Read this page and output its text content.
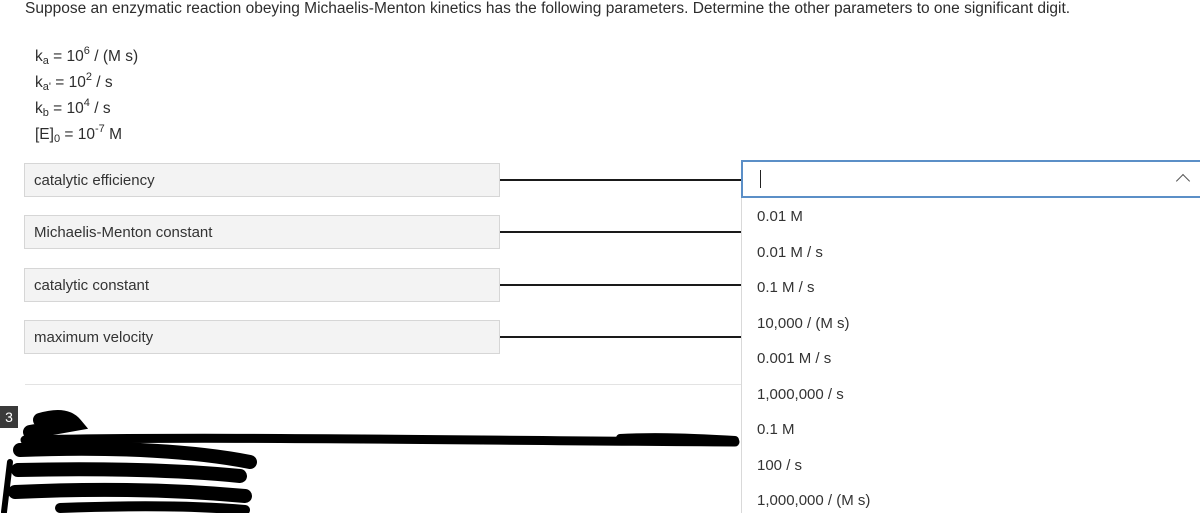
Suppose an enzymatic reaction obeying Michaelis-Menton kinetics has the following parameters. Determine the other parameters to one significant digit.
$k_a = 10^6 / (M$ s)
$k_{a'} = 10^2 / s$
$k_b = 10^4 / s$
$[E]_0 = 10^{-7}$ M
catalytic efficiency
Michaelis-Menton constant
catalytic constant
maximum velocity
0.01 M
0.01 M / s
0.1 M / s
10,000 / (M s)
0.001 M / s
1,000,000 / s
0.1 M
100 / s
1,000,000 / (M s)
3
